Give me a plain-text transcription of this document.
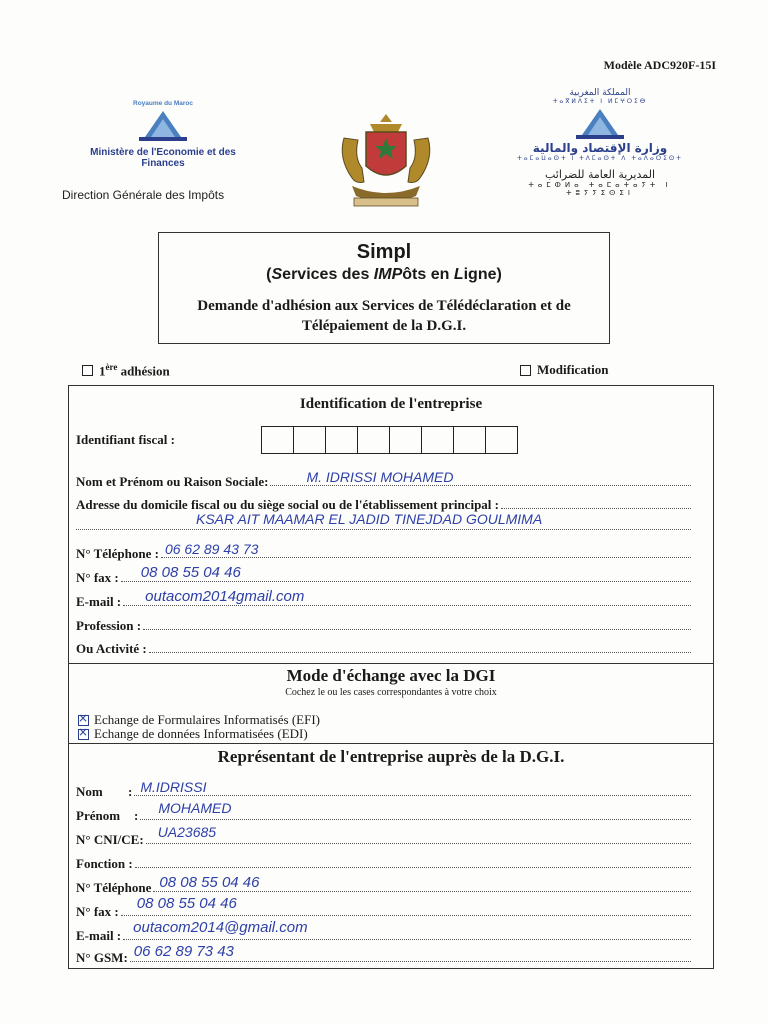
Modèle ADC920F-15I
Royaume du Maroc
Ministère de l'Economie et des Finances
Direction Générale des Impôts
المملكة المغربية
ⵜⴰⴳⵍⴷⵉⵜ ⵏ ⵍⵎⵖⵔⵉⴱ
وزارة الإقتصاد والمالية
ⵜⴰⵎⴰⵡⴰⵙⵜ ⵏ ⵜⴷⵎⴰⵙⵜ ⴷ ⵜⴰⴷⴰⵔⵉⵙⵜ
المديرية العامة للضرائب
ⵜⴰⵎⵀⵍⴰ ⵜⴰⵎⴰⵜⴰⵢⵜ ⵏ ⵜⵓⵢⵢⵉⵙⵉⵏ
Simpl
(Services des IMPôts en Ligne)
Demande d'adhésion aux Services de Télédéclaration et de Télépaiement de la D.G.I.
1ère adhésion	Modification
Identification de l'entreprise
Identifiant fiscal :
Nom et Prénom ou Raison Sociale:	M. IDRISSI MOHAMED
Adresse du domicile fiscal ou du siège social ou de l'établissement principal :
KSAR AIT MAAMAR EL JADID TINEJDAD GOULMIMA
N° Téléphone : 06 62 89 43 73
N° fax : 08 08 55 04 46
E-mail : outacom2014gmail.com
Profession :
Ou Activité :
Mode d'échange avec la DGI
Cochez le ou les cases correspondantes à votre choix
×
Echange de Formulaires Informatisés (EFI)
×
Echange de données Informatisées (EDI)
Représentant de l'entreprise auprès de la D.G.I.
Nom	: M.IDRISSI
Prénom	: MOHAMED
N° CNI/CE: UA23685
Fonction :
N° Téléphone 08 08 55 04 46
N° fax : 08 08 55 04 46
E-mail : outacom2014@gmail.com
N° GSM: 06 62 89 73 43
